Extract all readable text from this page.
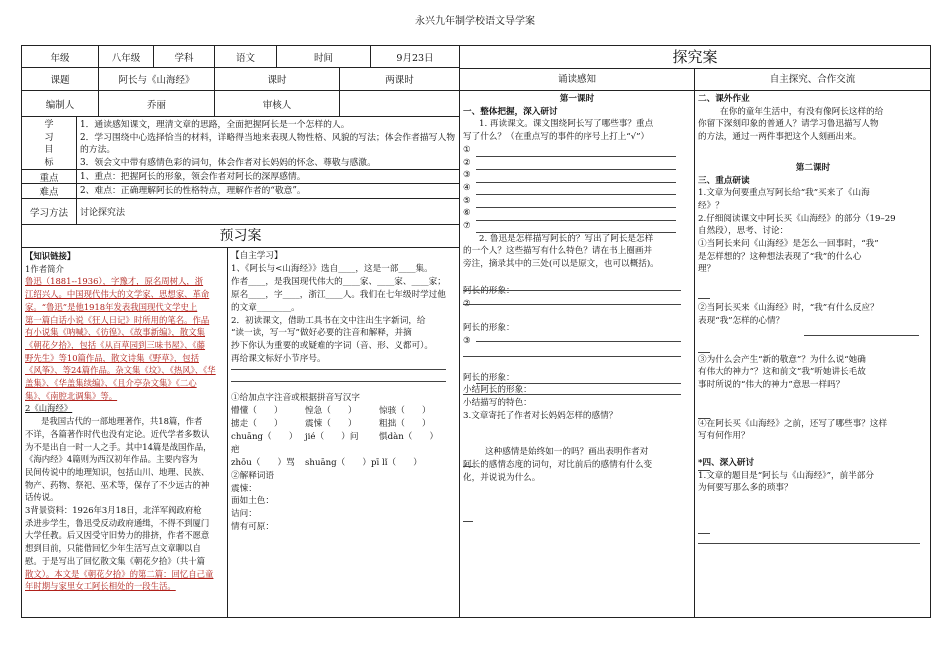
永兴九年制学校语文导学案
年级	八年级	学科	语文	时间	9月23日
课题	阿长与《山海经》	课时	两课时
编制人	乔丽	审核人
学
习
目
标
1．通读感知课文，理清文章的思路，全面把握阿长是一个怎样的人。
2．学习围绕中心选择恰当的材料，详略得当地来表现人物性格、风貌的写法；体会作者描写人物的方法。
3．领会文中带有感情色彩的词句，体会作者对长妈妈的怀念、尊敬与感激。
重点	1、重点：把握阿长的形象，领会作者对阿长的深厚感情。
难点	2、难点：正确理解阿长的性格特点，理解作者的“敬意”。
学习方法	讨论探究法
预习案
【知识链接】
1作者简介
鲁迅（1881--1936），字豫才，原名周树人，浙
江绍兴人。中国现代伟大的文学家、思想家、革命
家。“鲁迅”是他1918年发表我国现代文学史上
第一篇白话小说《狂人日记》时所用的笔名。作品
有小说集《呐喊》、《彷徨》、《故事新编》，散文集
《朝花夕拾》，包括《从百草园到三味书屋》、《藤
野先生》等10篇作品，散文诗集《野草》，包括
《风筝》、等24篇作品。杂文集《坟》、《热风》、《华
盖集》、《华盖集续编》、《且介亭杂文集》《二心
集》、《南腔北调集》等。
2《山海经》
是我国古代的一部地理著作，共18篇，作者
不详，各篇著作时代也没有定论。近代学者多数认
为不是出自一时一人之手。其中14篇是战国作品，
《海内经》4篇则为西汉初年作品。主要内容为
民间传说中的地理知识，包括山川、地理、民族、
物产、药物、祭祀、巫术等，保存了不少远古的神
话传说。
3背景资料：1926年3月18日，北洋军阀政府枪
杀进步学生，鲁迅受反动政府通缉，不得不到厦门
大学任教。后又因受守旧势力的排挤，作者不愿意
想到目前，只能借回忆少年生活写点文章聊以自
慰。于是写出了回忆散文集《朝花夕拾》（共十篇
散文）。本文是《朝花夕拾》的第二篇：回忆自己童
年时期与家里女工阿长相处的一段生活。
【自主学习】
1、《阿长与<山海经》》选自____，这是一部____集。
作者____，是我国现代伟大的____家、____家、____家；
原名____，字____，浙江____人。我们在七年级时学过他
的文章________。
2．初读课文，借助工具书在文中注出生字新词，给
“读一读，写一写”做好必要的注音和解释，并摘
抄下你认为重要的或疑难的字词（音、形、义都可）。
再给课文标好小节序号。
①给加点字注音或根据拼音写汉字
懵懂（　　）	惶急（　　）	惊骇（　　）
掳走（　　）	震悚（　　）	粗拙（　　）
chuāng（　　）疤
jié（　　）问	惧dàn（　　）
zhōu（　　）骂	shuāng（　　）pī lǐ（　　）
②解释词语
震悚：
面如土色：
诘问：
情有可原：
探究案
诵读感知	自主探究、合作交流
第一课时
一、整体把握，深入研讨
1. 再读课文。课文围绕阿长写了哪些事？重点
写了什么？（在重点写的事件的序号上打上“√”）
①
②
③
④
⑤
⑥
⑦
2. 鲁迅是怎样描写阿长的？写出了阿长是怎样
的一个人？这些描写有什么特色？请在书上圈画并
旁注，摘录其中的三处(可以是原文，也可以概括)。
阿长的形象：
②
阿长的形象：
③
阿长的形象：
小结阿长的形象：
小结描写的特色：
3.文章寄托了作者对长妈妈怎样的感情？
这种感情是始终如一的吗？画出表明作者对
阿长的感情态度的词句，对比前后的感情有什么变
化，并说说为什么。
二、课外作业
在你的童年生活中，有没有像阿长这样的给
你留下深刻印象的普通人？请学习鲁迅描写人物
的方法，通过一两件事把这个人刻画出来。
第二课时
三、重点研读
1.文章为何要重点写阿长给“我”买来了《山海
经》？
2.仔细阅读课文中阿长买《山海经》的部分（19–29
自然段），思考、讨论：
①当阿长来问《山海经》是怎么一回事时，“我”
是怎样想的？这种想法表现了“我”的什么心
理？
②当阿长买来《山海经》时，“我”有什么反应？
表现“我”怎样的心情？
③为什么会产生“新的敬意”？为什么说“她确
有伟大的神力”？这和前文“我”听她讲长毛故
事时所说的“伟大的神力”意思一样吗？
④在阿长买《山海经》之前，还写了哪些事？这样
写有何作用？
*四、深入研讨
1.文章的题目是“阿长与《山海经》”，前半部分
为何要写那么多的琐事？
